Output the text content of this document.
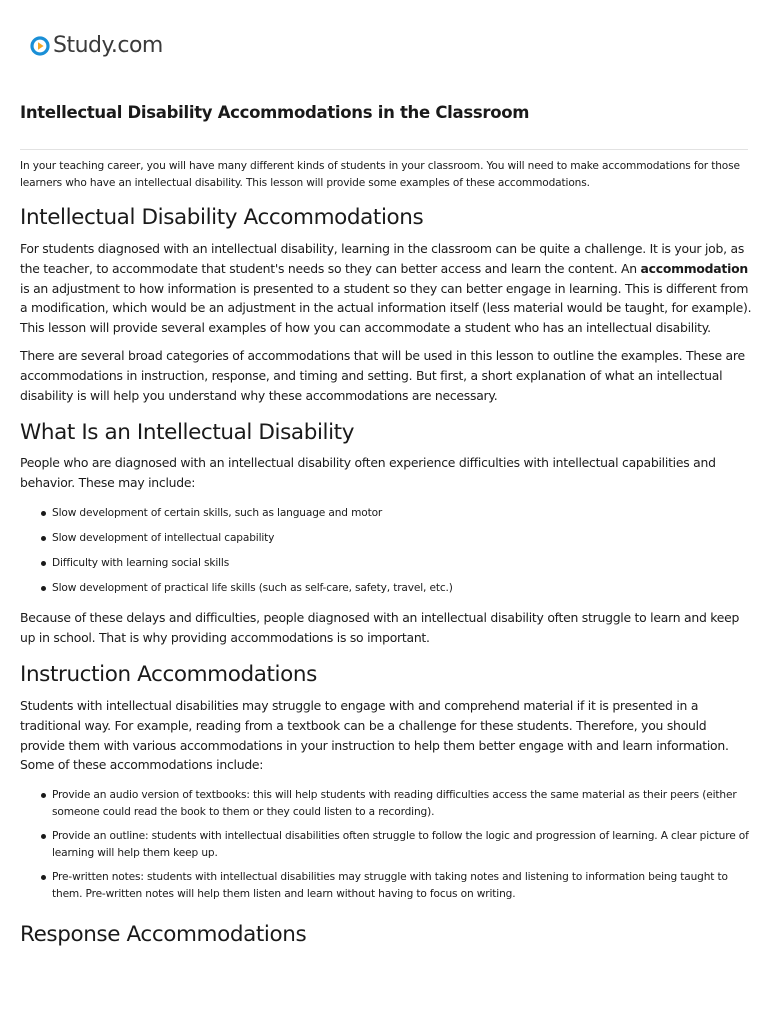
Study.com
Intellectual Disability Accommodations in the Classroom

In your teaching career, you will have many different kinds of students in your classroom. You will need to make accommodations for those learners who have an intellectual disability. This lesson will provide some examples of these accommodations.

Intellectual Disability Accommodations

For students diagnosed with an intellectual disability, learning in the classroom can be quite a challenge. It is your job, as the teacher, to accommodate that student's needs so they can better access and learn the content. An accommodation is an adjustment to how information is presented to a student so they can better engage in learning. This is different from a modification, which would be an adjustment in the actual information itself (less material would be taught, for example). This lesson will provide several examples of how you can accommodate a student who has an intellectual disability.

There are several broad categories of accommodations that will be used in this lesson to outline the examples. These are accommodations in instruction, response, and timing and setting. But first, a short explanation of what an intellectual disability is will help you understand why these accommodations are necessary.

What Is an Intellectual Disability

People who are diagnosed with an intellectual disability often experience difficulties with intellectual capabilities and behavior. These may include:

Slow development of certain skills, such as language and motor
Slow development of intellectual capability
Difficulty with learning social skills
Slow development of practical life skills (such as self-care, safety, travel, etc.)

Because of these delays and difficulties, people diagnosed with an intellectual disability often struggle to learn and keep up in school. That is why providing accommodations is so important.

Instruction Accommodations

Students with intellectual disabilities may struggle to engage with and comprehend material if it is presented in a traditional way. For example, reading from a textbook can be a challenge for these students. Therefore, you should provide them with various accommodations in your instruction to help them better engage with and learn information. Some of these accommodations include:

Provide an audio version of textbooks: this will help students with reading difficulties access the same material as their peers (either someone could read the book to them or they could listen to a recording).
Provide an outline: students with intellectual disabilities often struggle to follow the logic and progression of learning. A clear picture of learning will help them keep up.
Pre-written notes: students with intellectual disabilities may struggle with taking notes and listening to information being taught to them. Pre-written notes will help them listen and learn without having to focus on writing.
Response Accommodations
